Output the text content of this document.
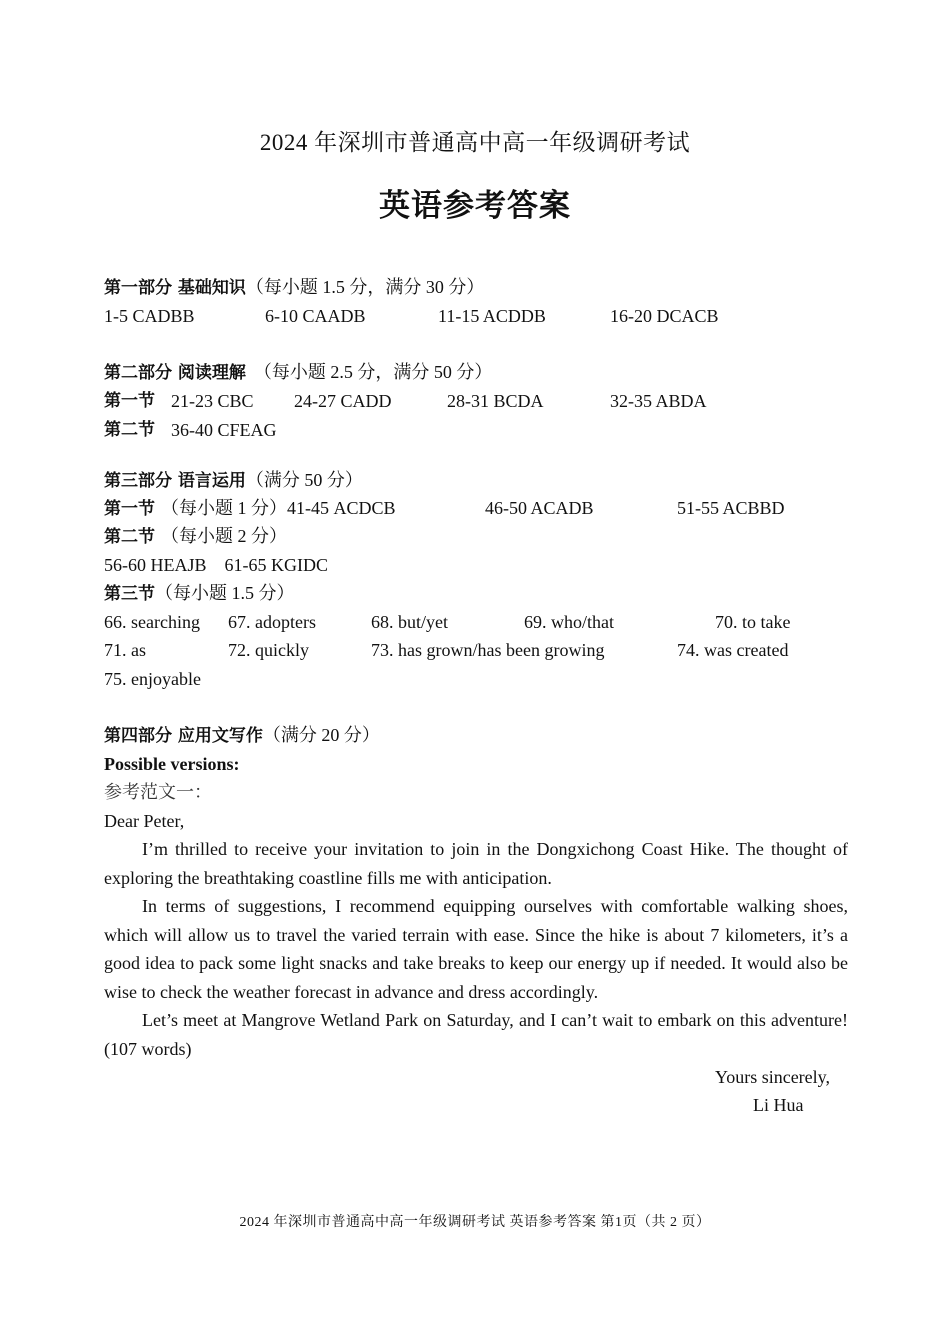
2024 年深圳市普通高中高一年级调研考试
英语参考答案
第一部分 基础知识（每小题 1.5 分，满分 30 分）
1-5 CADBB	6-10 CAADB	11-15 ACDDB	16-20 DCACB
第二部分 阅读理解 （每小题 2.5 分，满分 50 分）
第一节 21-23 CBC 24-27 CADD	28-31 BCDA	32-35 ABDA
第二节 36-40 CFEAG
第三部分 语言运用（满分 50 分）
第一节 （每小题 1 分）41-45 ACDCB	46-50 ACADB	51-55 ACBBD
第二节 （每小题 2 分）
56-60 HEAJB    61-65 KGIDC
第三节（每小题 1.5 分）
66. searching 67. adopters	68. but/yet	69. who/that	70. to take
71. as	72. quickly	73. has grown/has been growing	74. was created
75. enjoyable
第四部分 应用文写作（满分 20 分）
Possible versions:
参考范文一：
Dear Peter,
I’m thrilled to receive your invitation to join in the Dongxichong Coast Hike. The thought of exploring the breathtaking coastline fills me with anticipation.
In terms of suggestions, I recommend equipping ourselves with comfortable walking shoes, which will allow us to travel the varied terrain with ease. Since the hike is about 7 kilometers, it’s a good idea to pack some light snacks and take breaks to keep our energy up if needed. It would also be wise to check the weather forecast in advance and dress accordingly.
Let’s meet at Mangrove Wetland Park on Saturday, and I can’t wait to embark on this adventure! (107 words)
Yours sincerely,
Li Hua
2024 年深圳市普通高中高一年级调研考试 英语参考答案 第1页（共 2 页）
